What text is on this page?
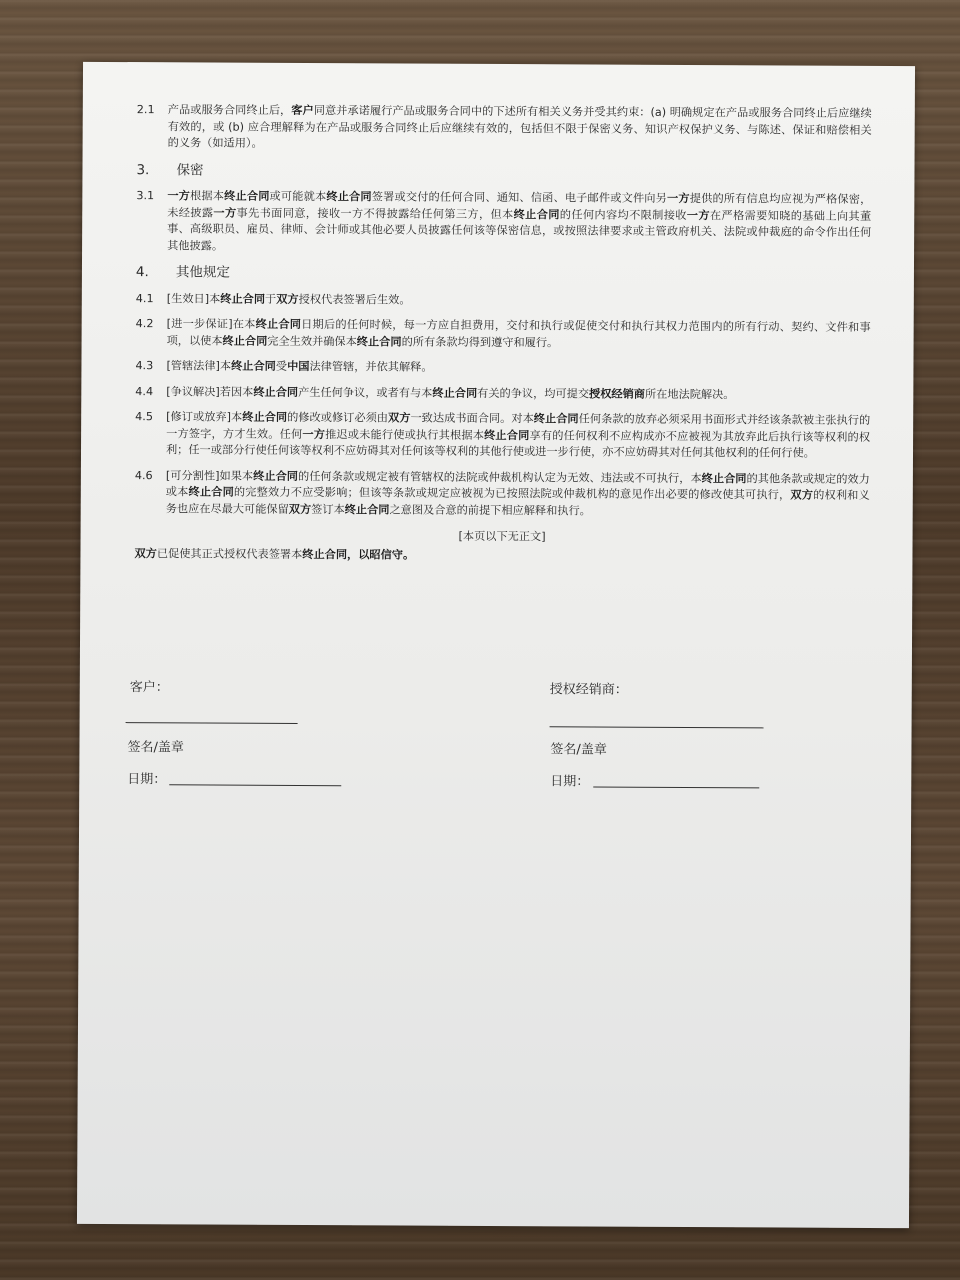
2.1	产品或服务合同终止后，客户同意并承诺履行产品或服务合同中的下述所有相关义务并受其约束：(a) 明确规定在产品或服务合同终止后应继续有效的，或 (b) 应合理解释为在产品或服务合同终止后应继续有效的，包括但不限于保密义务、知识产权保护义务、与陈述、保证和赔偿相关的义务（如适用）。
3.	保密
3.1	一方根据本终止合同或可能就本终止合同签署或交付的任何合同、通知、信函、电子邮件或文件向另一方提供的所有信息均应视为严格保密，未经披露一方事先书面同意，接收一方不得披露给任何第三方，但本终止合同的任何内容均不限制接收一方在严格需要知晓的基础上向其董事、高级职员、雇员、律师、会计师或其他必要人员披露任何该等保密信息，或按照法律要求或主管政府机关、法院或仲裁庭的命令作出任何其他披露。
4.	其他规定
4.1	[生效日]本终止合同于双方授权代表签署后生效。
4.2	[进一步保证]在本终止合同日期后的任何时候，每一方应自担费用，交付和执行或促使交付和执行其权力范围内的所有行动、契约、文件和事项，以使本终止合同完全生效并确保本终止合同的所有条款均得到遵守和履行。
4.3	[管辖法律]本终止合同受中国法律管辖，并依其解释。
4.4	[争议解决]若因本终止合同产生任何争议，或者有与本终止合同有关的争议，均可提交授权经销商所在地法院解决。
4.5	[修订或放弃]本终止合同的修改或修订必须由双方一致达成书面合同。对本终止合同任何条款的放弃必须采用书面形式并经该条款被主张执行的一方签字，方才生效。任何一方推迟或未能行使或执行其根据本终止合同享有的任何权利不应构成亦不应被视为其放弃此后执行该等权利的权利；任一或部分行使任何该等权利不应妨碍其对任何该等权利的其他行使或进一步行使，亦不应妨碍其对任何其他权利的任何行使。
4.6	[可分割性]如果本终止合同的任何条款或规定被有管辖权的法院或仲裁机构认定为无效、违法或不可执行，本终止合同的其他条款或规定的效力或本终止合同的完整效力不应受影响；但该等条款或规定应被视为已按照法院或仲裁机构的意见作出必要的修改使其可执行，双方的权利和义务也应在尽最大可能保留双方签订本终止合同之意图及合意的前提下相应解释和执行。
[本页以下无正文]
双方已促使其正式授权代表签署本终止合同，以昭信守。
客户：
签名/盖章
日期：
授权经销商：
签名/盖章
日期：
